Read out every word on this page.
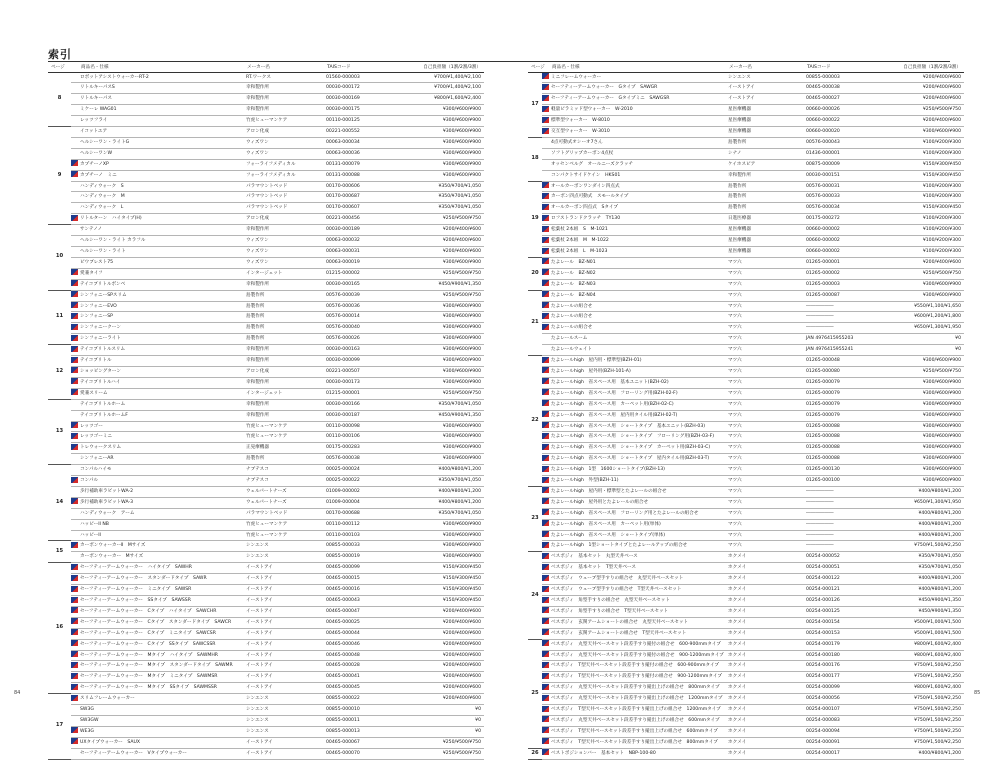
索引
ページ		商品名・仕様	メーカー名	TAISコード	自己負担額（1割/2割/3割）
8		ロボットアシストウォーカーRT-2	RT.ワークス	01560-000003	¥700/¥1,400/¥2,100
		リトルキーパスS	幸和製作所	00030-000172	¥700/¥1,400/¥2,100
		リトルキーパス	幸和製作所	00030-000169	¥800/¥1,600/¥2,400
		ミケーレ WAG01	幸和製作所	00030-000175	¥300/¥600/¥900
		レッツフライ	竹虎ヒューマンケア	00110-000125	¥300/¥600/¥900
9		イコットエア	アロン化成	00221-000552	¥300/¥600/¥900
		ヘルシーワン・ライトG	ウィズワン	00063-000034	¥300/¥600/¥900
		ヘルシーワンW	ウィズワン	00063-000036	¥300/¥600/¥900
		カプチーノXP	フォーライフメディカル	00131-000079	¥300/¥600/¥900
		カプチーノ　ミニ	フォーライフメディカル	00131-000088	¥300/¥600/¥900
		ハンディウォーク　S	パラマウントベッド	00170-000606	¥350/¥700/¥1,050
		ハンディウォーク　M	パラマウントベッド	00170-000687	¥350/¥700/¥1,050
		ハンディウォーク　L	パラマウントベッド	00170-000607	¥350/¥700/¥1,050
		リトルターン　ハイタイプ(H)	アロン化成	00221-000456	¥250/¥500/¥750
10		サンテノノ	幸和製作所	00030-000189	¥200/¥400/¥600
		ヘルシーワン・ライト カラフル	ウィズワン	00063-000032	¥200/¥400/¥600
		ヘルシーワン・ライト	ウィズワン	00063-000031	¥200/¥400/¥600
		ピウブレスト75	ウィズワン	00063-000019	¥300/¥600/¥900
		愛兼タイフ	インタージェット	01215-000002	¥250/¥500/¥750
		テイコブリトルボンベ	幸和製作所	00030-000165	¥450/¥900/¥1,350
11		シンフォニーSPスリム	島製作所	00576-000039	¥250/¥500/¥750
		シンフォニーEVO	島製作所	00576-000036	¥300/¥600/¥900
		シンフォニーSP	島製作所	00576-000014	¥300/¥600/¥900
		シンフォニークーン	島製作所	00576-000040	¥300/¥600/¥900
		シンフォニーライト	島製作所	00576-000026	¥300/¥600/¥900
12		テイコブリトルスリム	幸和製作所	00030-000163	¥300/¥600/¥900
		テイコブリトル	幸和製作所	00030-000099	¥300/¥600/¥900
		ショッピングターン	アロン化成	00221-000507	¥300/¥600/¥900
		テイコブリトルハイ	幸和製作所	00030-000173	¥300/¥600/¥900
		愛兼スリーム	インタージェット	01215-000001	¥250/¥500/¥750
13		テイコブリトルホーム	幸和製作所	00030-000166	¥350/¥700/¥1,050
		テイコブリトルホームF	幸和製作所	00030-000187	¥450/¥900/¥1,350
		レッツゴー	竹虎ヒューマンケア	00110-000098	¥300/¥600/¥900
		レッツゴーミニ	竹虎ヒューマンケア	00110-000106	¥300/¥600/¥900
		トレウォークスリム	正晃療機器	00175-000283	¥300/¥600/¥900
		シンフォニーAR	島製作所	00576-000038	¥300/¥600/¥900
14		コンパルハイモ	ナブテスコ	00025-000024	¥400/¥800/¥1,200
		コンパル	ナブテスコ	00025-000022	¥350/¥700/¥1,050
		歩行補助車ラビットWA-2	ウェルパートナーズ	01009-000002	¥400/¥800/¥1,200
		歩行補助車ラビットWA-3	ウェルパートナーズ	01009-000004	¥400/¥800/¥1,200
		ハンディウォーク　アーム	パラマウントベッド	00170-000688	¥350/¥700/¥1,050
		ハッピーII NB	竹虎ヒューマンケア	00110-000112	¥300/¥600/¥900
		ハッピーII	竹虎ヒューマンケア	00110-000103	¥300/¥600/¥900
15		カーボンウォーカーⅡ　Mサイズ	シンエンス	00855-000033	¥300/¥600/¥900
		カーボンウォーカー　Mサイズ	シンエンス	00855-000019	¥300/¥600/¥900
16		セーフティーアームウォーカー　ハイタイプ　SAWHR	イーストアイ	00465-000099	¥150/¥300/¥450
		セーフティーアームウォーカー　スタンダードタイプ　SAWR	イーストアイ	00465-000015	¥150/¥300/¥450
		セーフティーアームウォーカー　ミニタイプ　SAWSR	イーストアイ	00465-000016	¥150/¥300/¥450
		セーフティーアームウォーカー　SSタイプ　SAWSSR	イーストアイ	00465-000043	¥150/¥300/¥450
		セーフティーアームウォーカー　Cタイプ　ハイタイプ　SAWCHR	イーストアイ	00465-000047	¥200/¥400/¥600
		セーフティーアームウォーカー　Cタイプ　スタンダードタイプ　SAWCR	イーストアイ	00465-000025	¥200/¥400/¥600
		セーフティーアームウォーカー　Cタイプ　ミニタイプ　SAWCSR	イーストアイ	00465-000044	¥200/¥400/¥600
		セーフティーアームウォーカー　Cタイプ　SSタイプ　SAWCSSR	イーストアイ	00465-000046	¥200/¥400/¥600
		セーフティーアームウォーカー　Mタイプ　ハイタイプ　SAWMHR	イーストアイ	00465-000048	¥200/¥400/¥600
		セーフティーアームウォーカー　Mタイプ　スタンダードタイプ　SAWMR	イーストアイ	00465-000028	¥200/¥400/¥600
		セーフティーアームウォーカー　Mタイプ　ミニタイプ　SAWMSR	イーストアイ	00465-000041	¥200/¥400/¥600
		セーフティーアームウォーカー　Mタイプ　SSタイプ　SAWMSSR	イーストアイ	00465-000045	¥200/¥400/¥600
17		スリムフレームウォーカー	シンエンス	00855-000022	¥200/¥400/¥600
		SW3G	シンエンス	00855-000010	¥0
		SW3GW	シンエンス	00855-000011	¥0
		WE3G	シンエンス	00855-000013	¥0
		UXタイプウォーカー　SAUX	イーストアイ	00465-000067	¥250/¥500/¥750
		セーフティーアームウォーカー　Vタイプウォーカー	イーストアイ	00465-000070	¥250/¥500/¥750
ページ		商品名・仕様	メーカー名	TAISコード	自己負担額（1割/2割/3割）
17		ミニフレームウォーカー	シンエンス	00855-000003	¥200/¥400/¥600
		セーフティーアームウォーカー　Gタイプ　SAWGR	イーストアイ	00465-000038	¥200/¥400/¥600
		セーフティーアームウォーカー　Gタイプミニ　SAWGSR	イーストアイ	00465-000027	¥200/¥400/¥600
		軽量ピラミッド型ウォーカー　W-2010	星医療機器	00660-000026	¥250/¥500/¥750
		標準型ウォーカー　W-8010	星医療機器	00660-000022	¥200/¥400/¥600
		交互型ウォーカー　W-3010	星医療機器	00660-000020	¥300/¥600/¥900
18		4点可動式オシーオ7さん	島製作所	00576-000043	¥100/¥200/¥300
		ソフトグリップカーボン4点杖	シナノ	01436-000001	¥100/¥200/¥300
		オッセンベルグ　オールニーズクラッチ	ケイホスピア	00875-000009	¥150/¥300/¥450
		コンパクトサイドケイン　HKS01	幸和製作所	00030-000151	¥150/¥300/¥450
19		オールカーボンワンダイン四点式	島製作所	00576-000031	¥100/¥200/¥300
		カーボン四点可動式　スモールタイプ	島製作所	00576-000033	¥100/¥200/¥300
		オールカーボン四点式　Sタイプ	島製作所	00576-000034	¥150/¥300/¥450
		ロフストランドクラッチ　TY130	日進医療器	00175-000272	¥100/¥200/¥300
		松葉杖 2本組　S　M-1021	星医療機器	00660-000002	¥100/¥200/¥300
		松葉杖 2本組　M　M-1022	星医療機器	00660-000002	¥100/¥200/¥300
		松葉杖 2本組　L　M-1023	星医療機器	00660-000002	¥100/¥200/¥300
20		たよレール　BZ-N01	マツ六	01265-000001	¥200/¥400/¥600
		たよレール　BZ-N02	マツ六	01265-000002	¥250/¥500/¥750
		たよレール　BZ-N03	マツ六	01265-000003	¥300/¥600/¥900
21		たよレール　BZ-N04	マツ六	01265-000087	¥300/¥600/¥900
		たよレールの組合せ	マツ六	――――――	¥550/¥1,100/¥1,650
		たよレールの組合せ	マツ六	――――――	¥600/¥1,200/¥1,800
		たよレールの組合せ	マツ六	――――――	¥650/¥1,300/¥1,950
		たよレールスーム	マツ六	JAN 4976415955203	¥0
		たよレールウェイト	マツ六	JAN 4976415955241	¥0
22		たよレールhigh　屋内用・標準型(BZH-01)	マツ六	01265-000048	¥300/¥600/¥900
		たよレールhigh　屋外用(BZH-101-A)	マツ六	01265-000080	¥250/¥500/¥750
		たよレールhigh　省スペース用　基本ユニット(BZH-02)	マツ六	01265-000079	¥300/¥600/¥900
		たよレールhigh　省スペース用　フローリング用(BZH-02-F)	マツ六	01265-000079	¥300/¥600/¥900
		たよレールhigh　省スペース用　カーペット用(BZH-02-C)	マツ六	01265-000079	¥300/¥600/¥900
		たよレールhigh　省スペース用　屋内用タイル用(BZH-02-T)	マツ六	01265-000079	¥300/¥600/¥900
		たよレールhigh　省スペース用　ショートタイプ　基本ユニット(BZH-03)	マツ六	01265-000088	¥300/¥600/¥900
		たよレールhigh　省スペース用　ショートタイプ　フローリング用(BZH-03-F)	マツ六	01265-000088	¥300/¥600/¥900
		たよレールhigh　省スペース用　ショートタイプ　カーペット用(BZH-03-C)	マツ六	01265-000088	¥300/¥600/¥900
		たよレールhigh　省スペース用　ショートタイプ　屋内タイル用(BZH-03-T)	マツ六	01265-000088	¥300/¥600/¥900
		たよレールhigh　1型　1600ショートタイプ(BZH-13)	マツ六	01265-000130	¥300/¥600/¥900
		たよレールhigh　外型(BZH-11)	マツ六	01265-000100	¥300/¥600/¥900
23		たよレールhigh　屋内用・標準型とたよレールの組合せ	マツ六	――――――	¥400/¥800/¥1,200
		たよレールhigh　屋外用とたよレールの組合せ	マツ六	――――――	¥650/¥1,300/¥1,950
		たよレールhigh　省スペース用　フローリング用とたよレールの組合せ	マツ六	――――――	¥400/¥800/¥1,200
		たよレールhigh　省スペース用　カーペット用(単体)	マツ六	――――――	¥400/¥800/¥1,200
		たよレールhigh　省スペース用　ショートタイプ(単体)	マツ六	――――――	¥400/¥800/¥1,200
		たよレールhigh　1型ショートタイプとたよレールアップの組合せ	マツ六	――――――	¥750/¥1,500/¥2,250
24		べスポジィ　基本セット　丸型天井ベース	ホクメイ	00254-000052	¥350/¥700/¥1,050
		べスポジィ　基本セット　T型天井ベース	ホクメイ	00254-000051	¥350/¥700/¥1,050
		べスポジィ　ウェーブ型手すりの組合せ　丸型天井ベースセット	ホクメイ	00254-000122	¥400/¥800/¥1,200
		べスポジィ　ウェーブ型手すりの組合せ　T型天井ベースセット	ホクメイ	00254-000121	¥400/¥800/¥1,200
		べスポジィ　角型手すりの組合せ　丸型天井ベースセット	ホクメイ	00254-000126	¥450/¥900/¥1,350
		べスポジィ　角型手すりの組合せ　T型天井ベースセット	ホクメイ	00254-000125	¥450/¥900/¥1,350
		べスポジィ　玄関アームショートの組合せ　丸型天井ベースセット	ホクメイ	00254-000154	¥500/¥1,000/¥1,500
		べスポジィ　玄関アームショートの組合せ　T型天井ベースセット	ホクメイ	00254-000153	¥500/¥1,000/¥1,500
25		べスポジィ　丸型天井ベースセット段差手すり縦付の組合せ　600-900mmタイプ	ホクメイ	00254-000179	¥800/¥1,600/¥2,400
		べスポジィ　丸型天井ベースセット段差手すり縦付の組合せ　900-1200mmタイプ	ホクメイ	00254-000180	¥800/¥1,600/¥2,400
		べスポジィ　T型天井ベースセット段差手すり縦付の組合せ　600-900mmタイプ	ホクメイ	00254-000176	¥750/¥1,500/¥2,250
		べスポジィ　T型天井ベースセット段差手すり縦付の組合せ　900-1200mmタイプ	ホクメイ	00254-000177	¥750/¥1,500/¥2,250
		べスポジィ　丸型天井ベースセット段差手すり縦出上げの組合せ　800mmタイプ	ホクメイ	00254-000099	¥800/¥1,600/¥2,400
		べスポジィ　丸型天井ベースセット段差手すり縦出上げの組合せ　1200mmタイプ	ホクメイ	00254-000056	¥750/¥1,500/¥2,250
		べスポジィ　T型天井ベースセット段差手すり縦出上げの組合せ　1200mmタイプ	ホクメイ	00254-000107	¥750/¥1,500/¥2,250
		べスポジィ　丸型天井ベースセット段差手すり縦出上げの組合せ　600mmタイプ	ホクメイ	00254-000083	¥750/¥1,500/¥2,250
		べスポジィ　T型天井ベースセット段差手すり縦出上げの組合せ　600mmタイプ	ホクメイ	00254-000094	¥750/¥1,500/¥2,250
		べスポジィ　T型天井ベースセット段差手すり縦出上げの組合せ　800mmタイプ	ホクメイ	00254-000091	¥750/¥1,500/¥2,250
26		べストポジションバー　基本セット　NBP-100-80	ホクメイ	00254-000017	¥400/¥800/¥1,200
84	85
